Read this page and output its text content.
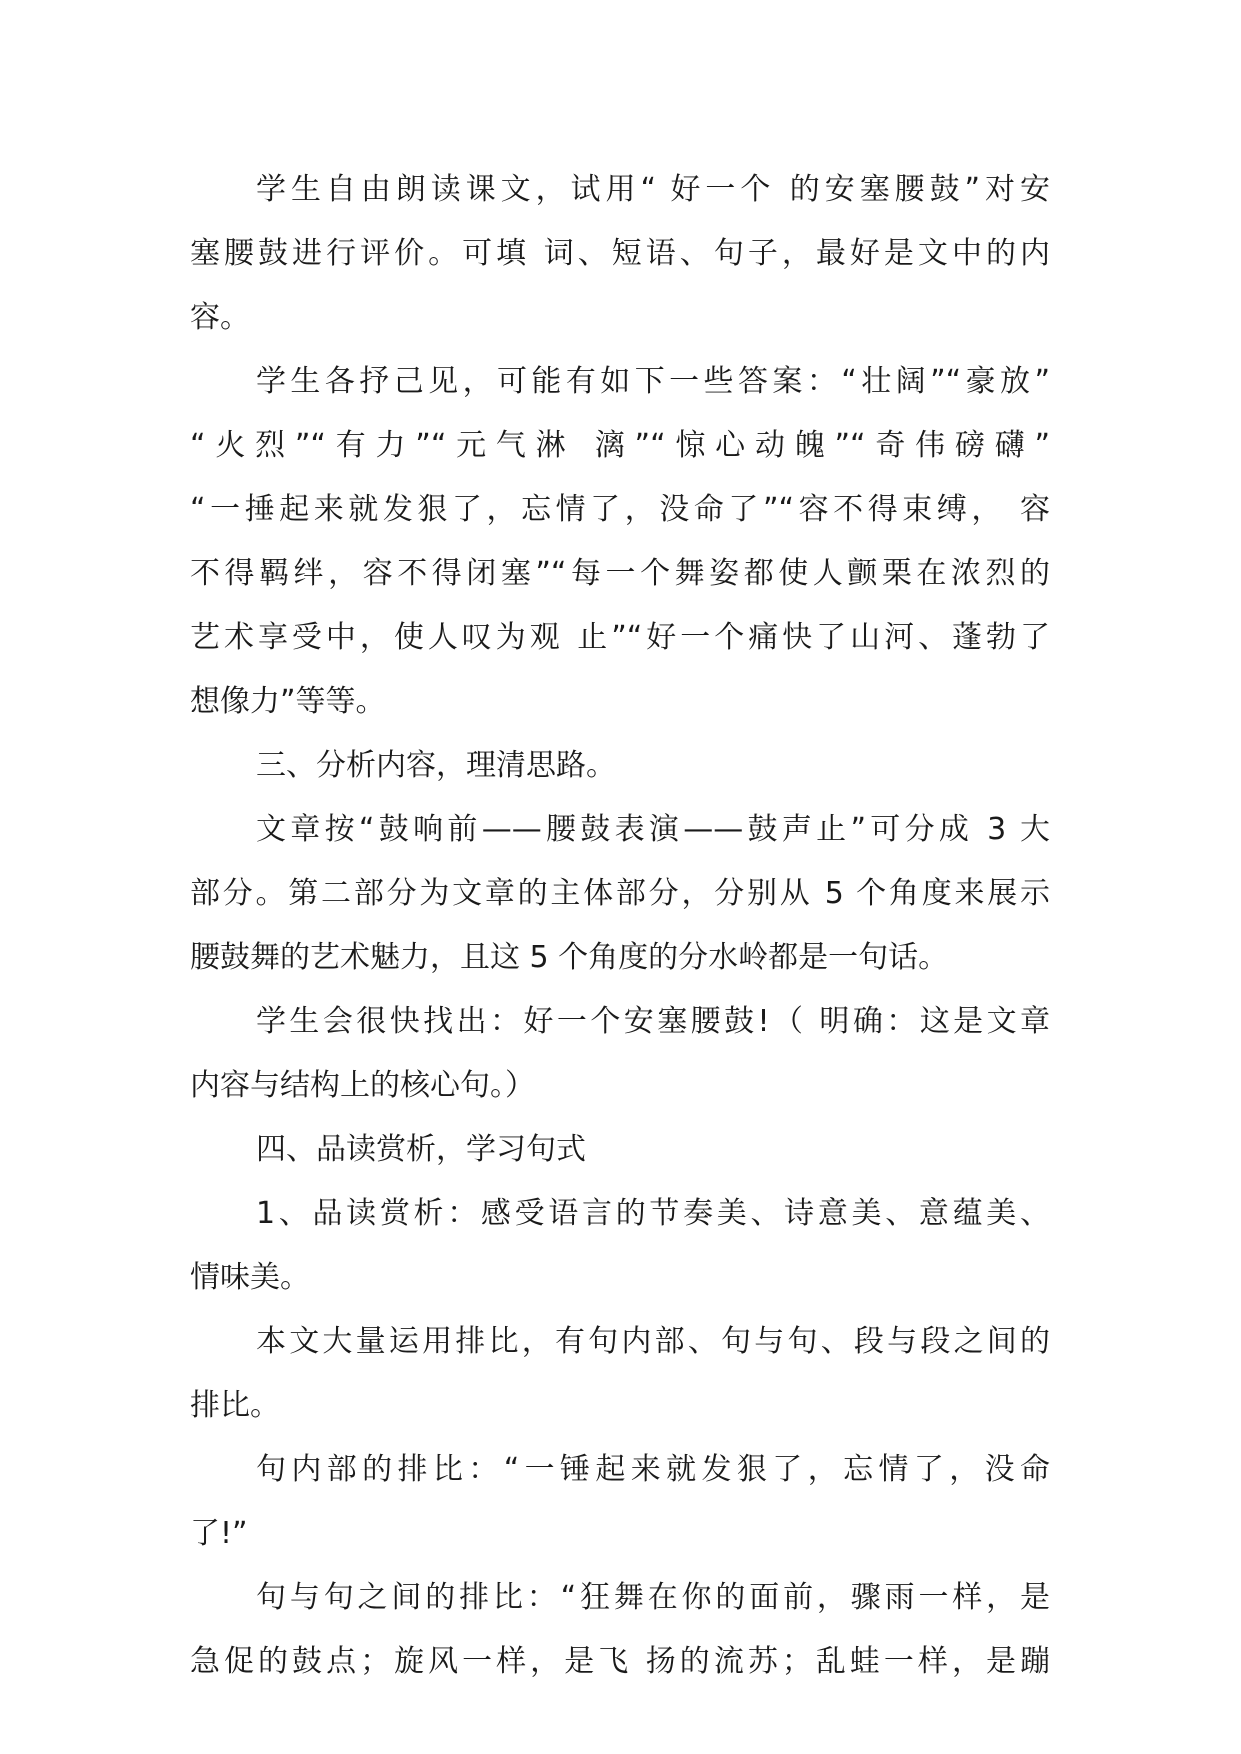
学生自由朗读课文，试用“ 好一个 的安塞腰鼓”对安
塞腰鼓进行评价。可填 词、短语、句子，最好是文中的内
容。
学生各抒己见，可能有如下一些答案：“壮阔”“豪放”
“火烈”“有力”“元气淋 漓”“惊心动魄”“奇伟磅礴”
“一捶起来就发狠了，忘情了，没命了”“容不得束缚， 容
不得羁绊，容不得闭塞”“每一个舞姿都使人颤栗在浓烈的
艺术享受中，使人叹为观 止”“好一个痛快了山河、蓬勃了
想像力”等等。
三、分析内容，理清思路。
文章按“鼓响前——腰鼓表演——鼓声止”可分成 3 大
部分。第二部分为文章的主体部分，分别从 5 个角度来展示
腰鼓舞的艺术魅力，且这 5 个角度的分水岭都是一句话。
学生会很快找出：好一个安塞腰鼓!（ 明确：这是文章
内容与结构上的核心句。）
四、品读赏析，学习句式
1、品读赏析：感受语言的节奏美、诗意美、意蕴美、
情味美。
本文大量运用排比，有句内部、句与句、段与段之间的
排比。
句内部的排比：“一锤起来就发狠了，忘情了，没命
了!”
句与句之间的排比：“狂舞在你的面前，骤雨一样，是
急促的鼓点；旋风一样，是飞 扬的流苏；乱蛙一样，是蹦
